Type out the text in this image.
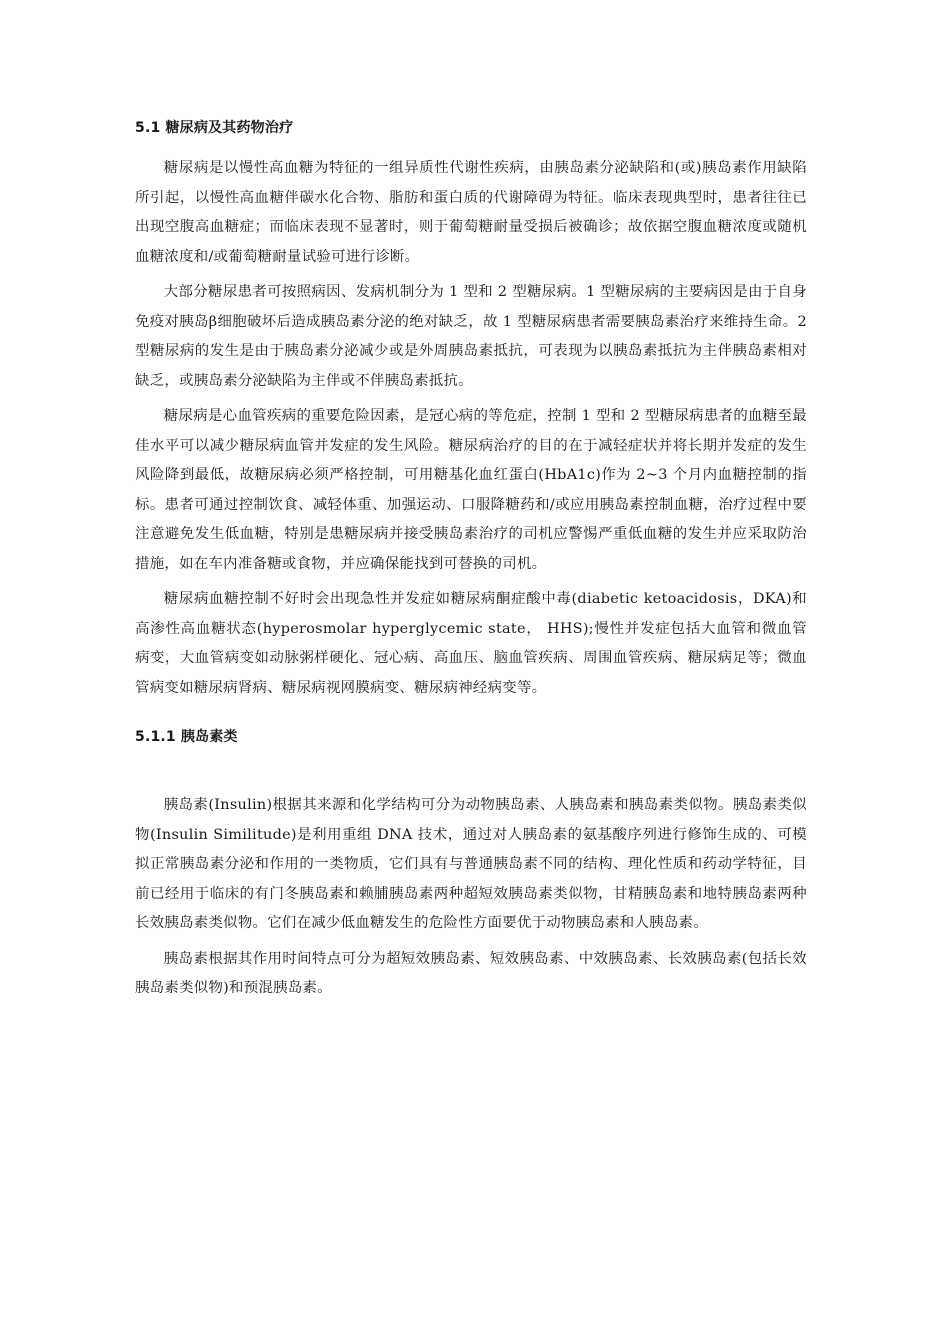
5.1 糖尿病及其药物治疗

糖尿病是以慢性高血糖为特征的一组异质性代谢性疾病，由胰岛素分泌缺陷和(或)胰岛素作用缺陷所引起，以慢性高血糖伴碳水化合物、脂肪和蛋白质的代谢障碍为特征。临床表现典型时，患者往往已出现空腹高血糖症；而临床表现不显著时，则于葡萄糖耐量受损后被确诊；故依据空腹血糖浓度或随机血糖浓度和/或葡萄糖耐量试验可进行诊断。

大部分糖尿患者可按照病因、发病机制分为 1 型和 2 型糖尿病。1 型糖尿病的主要病因是由于自身免疫对胰岛β细胞破坏后造成胰岛素分泌的绝对缺乏，故 1 型糖尿病患者需要胰岛素治疗来维持生命。2 型糖尿病的发生是由于胰岛素分泌减少或是外周胰岛素抵抗，可表现为以胰岛素抵抗为主伴胰岛素相对缺乏，或胰岛素分泌缺陷为主伴或不伴胰岛素抵抗。

糖尿病是心血管疾病的重要危险因素，是冠心病的等危症，控制 1 型和 2 型糖尿病患者的血糖至最佳水平可以减少糖尿病血管并发症的发生风险。糖尿病治疗的目的在于减轻症状并将长期并发症的发生风险降到最低，故糖尿病必须严格控制，可用糖基化血红蛋白(HbA1c)作为 2~3 个月内血糖控制的指标。患者可通过控制饮食、减轻体重、加强运动、口服降糖药和/或应用胰岛素控制血糖，治疗过程中要注意避免发生低血糖，特别是患糖尿病并接受胰岛素治疗的司机应警惕严重低血糖的发生并应采取防治措施，如在车内准备糖或食物，并应确保能找到可替换的司机。

糖尿病血糖控制不好时会出现急性并发症如糖尿病酮症酸中毒(diabetic ketoacidosis，DKA)和高渗性高血糖状态(hyperosmolar hyperglycemic state， HHS);慢性并发症包括大血管和微血管病变，大血管病变如动脉粥样硬化、冠心病、高血压、脑血管疾病、周围血管疾病、糖尿病足等；微血管病变如糖尿病肾病、糖尿病视网膜病变、糖尿病神经病变等。

5.1.1 胰岛素类

胰岛素(Insulin)根据其来源和化学结构可分为动物胰岛素、人胰岛素和胰岛素类似物。胰岛素类似物(Insulin Similitude)是利用重组 DNA 技术，通过对人胰岛素的氨基酸序列进行修饰生成的、可模拟正常胰岛素分泌和作用的一类物质，它们具有与普通胰岛素不同的结构、理化性质和药动学特征，目前已经用于临床的有门冬胰岛素和赖脯胰岛素两种超短效胰岛素类似物，甘精胰岛素和地特胰岛素两种长效胰岛素类似物。它们在减少低血糖发生的危险性方面要优于动物胰岛素和人胰岛素。

胰岛素根据其作用时间特点可分为超短效胰岛素、短效胰岛素、中效胰岛素、长效胰岛素(包括长效胰岛素类似物)和预混胰岛素。
